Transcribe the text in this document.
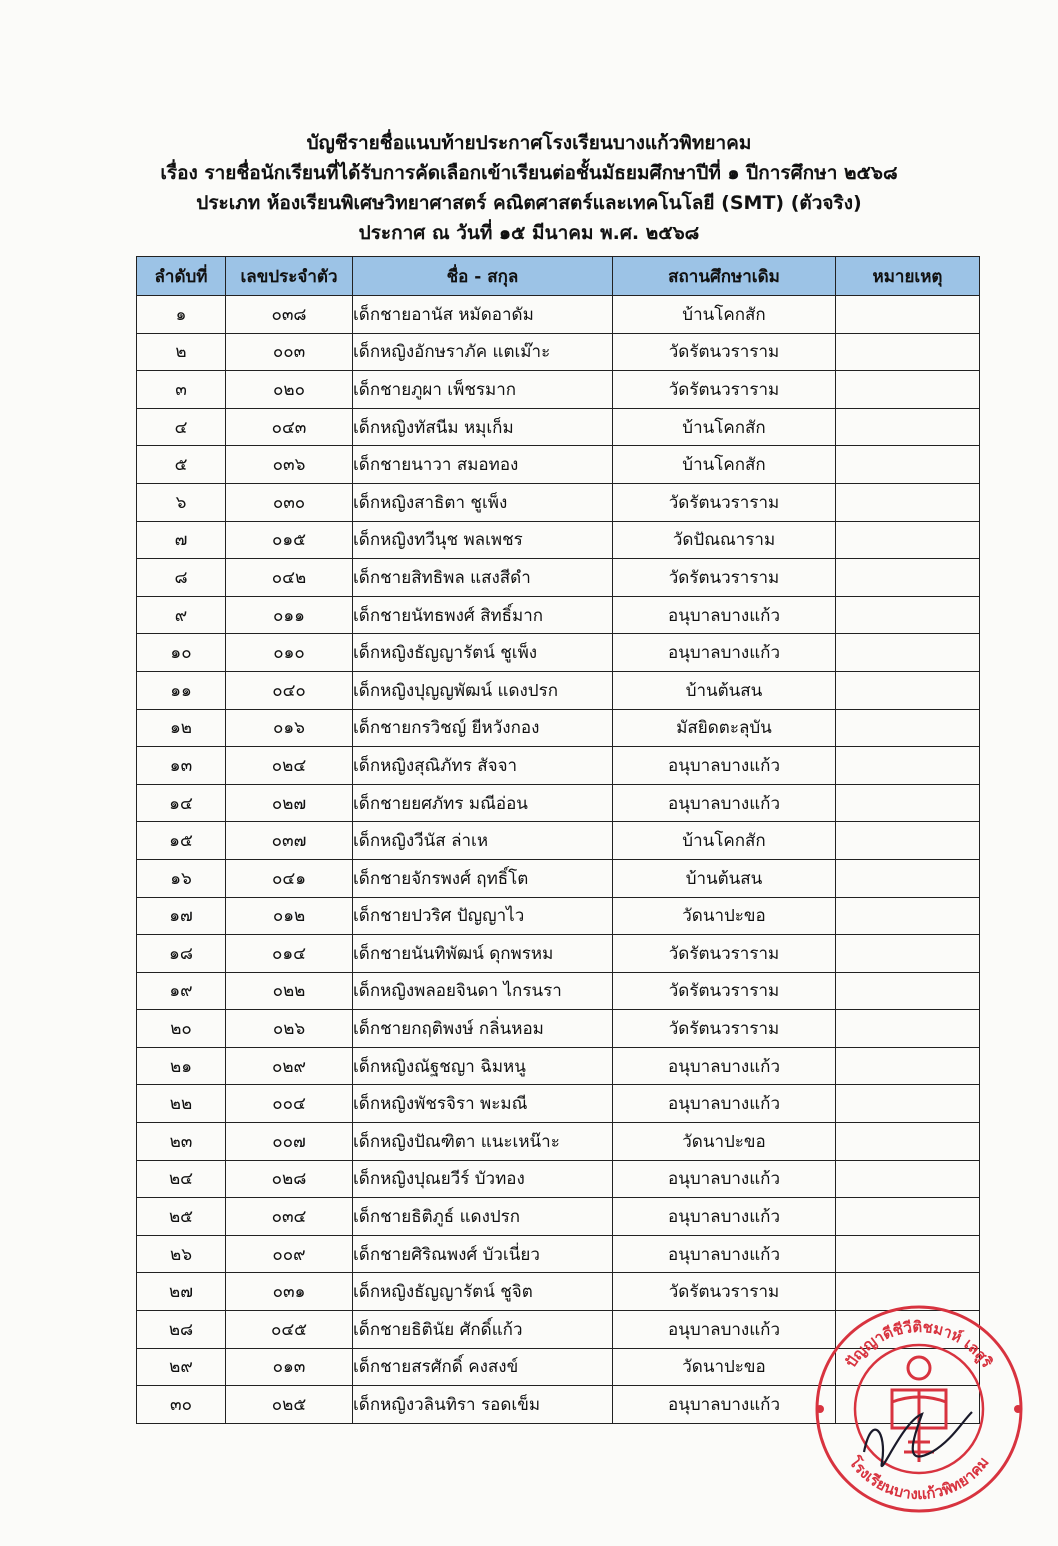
บัญชีรายชื่อแนบท้ายประกาศโรงเรียนบางแก้วพิทยาคม
เรื่อง รายชื่อนักเรียนที่ได้รับการคัดเลือกเข้าเรียนต่อชั้นมัธยมศึกษาปีที่ ๑ ปีการศึกษา ๒๕๖๘
ประเภท ห้องเรียนพิเศษวิทยาศาสตร์ คณิตศาสตร์และเทคโนโลยี (SMT) (ตัวจริง)
ประกาศ ณ วันที่ ๑๕ มีนาคม พ.ศ. ๒๕๖๘
ลำดับที่	เลขประจำตัว	ชื่อ - สกุล	สถานศึกษาเดิม	หมายเหตุ
๑	๐๓๘	เด็กชายอานัส หมัดอาดัม	บ้านโคกสัก	
๒	๐๐๓	เด็กหญิงอักษราภัค แตเม๊าะ	วัดรัตนวราราม	
๓	๐๒๐	เด็กชายภูผา เพ็ชรมาก	วัดรัตนวราราม	
๔	๐๔๓	เด็กหญิงทัสนีม หมุเก็ม	บ้านโคกสัก	
๕	๐๓๖	เด็กชายนาวา สมอทอง	บ้านโคกสัก	
๖	๐๓๐	เด็กหญิงสาธิตา ชูเพ็ง	วัดรัตนวราราม	
๗	๐๑๕	เด็กหญิงทวีนุช พลเพชร	วัดปัณณาราม	
๘	๐๔๒	เด็กชายสิทธิพล แสงสีดำ	วัดรัตนวราราม	
๙	๐๑๑	เด็กชายนัทธพงศ์ สิทธิ์มาก	อนุบาลบางแก้ว	
๑๐	๐๑๐	เด็กหญิงธัญญารัตน์ ชูเพ็ง	อนุบาลบางแก้ว	
๑๑	๐๔๐	เด็กหญิงปุญญพัฒน์ แดงปรก	บ้านต้นสน	
๑๒	๐๑๖	เด็กชายกรวิชญ์ ยีหวังกอง	มัสยิดตะลุบัน	
๑๓	๐๒๔	เด็กหญิงสุณิภัทร สัจจา	อนุบาลบางแก้ว	
๑๔	๐๒๗	เด็กชายยศภัทร มณีอ่อน	อนุบาลบางแก้ว	
๑๕	๐๓๗	เด็กหญิงวีนัส ล่าเห	บ้านโคกสัก	
๑๖	๐๔๑	เด็กชายจักรพงศ์ ฤทธิ์โต	บ้านต้นสน	
๑๗	๐๑๒	เด็กชายปวริศ ปัญญาไว	วัดนาปะขอ	
๑๘	๐๑๔	เด็กชายนันทิพัฒน์ ดุกพรหม	วัดรัตนวราราม	
๑๙	๐๒๒	เด็กหญิงพลอยจินดา ไกรนรา	วัดรัตนวราราม	
๒๐	๐๒๖	เด็กชายกฤติพงษ์ กลิ่นหอม	วัดรัตนวราราม	
๒๑	๐๒๙	เด็กหญิงณัฐชญา ฉิมหนู	อนุบาลบางแก้ว	
๒๒	๐๐๔	เด็กหญิงพัชรจิรา พะมณี	อนุบาลบางแก้ว	
๒๓	๐๐๗	เด็กหญิงปัณฑิตา แนะเหน๊าะ	วัดนาปะขอ	
๒๔	๐๒๘	เด็กหญิงปุณยวีร์ บัวทอง	อนุบาลบางแก้ว	
๒๕	๐๓๔	เด็กชายธิติภูธ์ แดงปรก	อนุบาลบางแก้ว	
๒๖	๐๐๙	เด็กชายศิริณพงศ์ บัวเนี่ยว	อนุบาลบางแก้ว	
๒๗	๐๓๑	เด็กหญิงธัญญารัตน์ ชูจิต	วัดรัตนวราราม	
๒๘	๐๔๕	เด็กชายธิตินัย ศักดิ์แก้ว	อนุบาลบางแก้ว	
๒๙	๐๑๓	เด็กชายสรศักดิ์ คงสงข์	วัดนาปะขอ	
๓๐	๐๒๕	เด็กหญิงวลินทิรา รอดเข็ม	อนุบาลบางแก้ว	
ปัญญาดีชีวีติชมาห์ เลสูริ
โรงเรียนบางแก้วพิทยาคม
